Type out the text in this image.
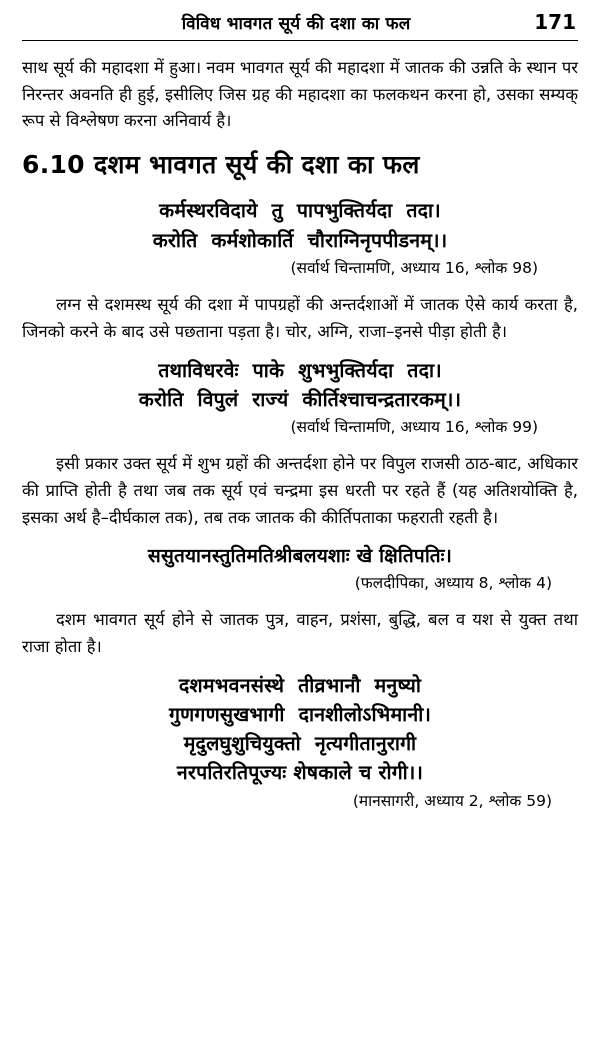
विविध भावगत सूर्य की दशा का फल	171

साथ सूर्य की महादशा में हुआ। नवम भावगत सूर्य की महादशा में जातक की उन्नति के स्थान पर निरन्तर अवनति ही हुई, इसीलिए जिस ग्रह की महादशा का फलकथन करना हो, उसका सम्यक् रूप से विश्लेषण करना अनिवार्य है।

6.10 दशम भावगत सूर्य की दशा का फल
कर्मस्थरविदाये  तु  पापभुक्तिर्यदा  तदा।
करोति  कर्मशोकार्ति  चौराग्निनृपपीडनम्।।
(सर्वार्थ चिन्तामणि, अध्याय 16, श्लोक 98)

लग्न से दशमस्थ सूर्य की दशा में पापग्रहों की अन्तर्दशाओं में जातक ऐसे कार्य करता है, जिनको करने के बाद उसे पछताना पड़ता है। चोर, अग्नि, राजा–इनसे पीड़ा होती है।

तथाविधरवेः  पाके  शुभभुक्तिर्यदा  तदा।
करोति  विपुलं  राज्यं  कीर्तिश्चाचन्द्रतारकम्।।
(सर्वार्थ चिन्तामणि, अध्याय 16, श्लोक 99)

इसी प्रकार उक्त सूर्य में शुभ ग्रहों की अन्तर्दशा होने पर विपुल राजसी ठाठ-बाट, अधिकार की प्राप्ति होती है तथा जब तक सूर्य एवं चन्द्रमा इस धरती पर रहते हैं (यह अतिशयोक्ति है, इसका अर्थ है–दीर्घकाल तक), तब तक जातक की कीर्तिपताका फहराती रहती है।

ससुतयानस्तुतिमतिश्रीबलयशाः खे क्षितिपतिः।
(फलदीपिका, अध्याय 8, श्लोक 4)

दशम भावगत सूर्य होने से जातक पुत्र, वाहन, प्रशंसा, बुद्धि, बल व यश से युक्त तथा राजा होता है।

दशमभवनसंस्थे  तीव्रभानौ  मनुष्यो
गुणगणसुखभागी  दानशीलोऽभिमानी।
मृदुलघुशुचियुक्तो  नृत्यगीतानुरागी
नरपतिरतिपूज्यः शेषकाले च रोगी।।
(मानसागरी, अध्याय 2, श्लोक 59)
